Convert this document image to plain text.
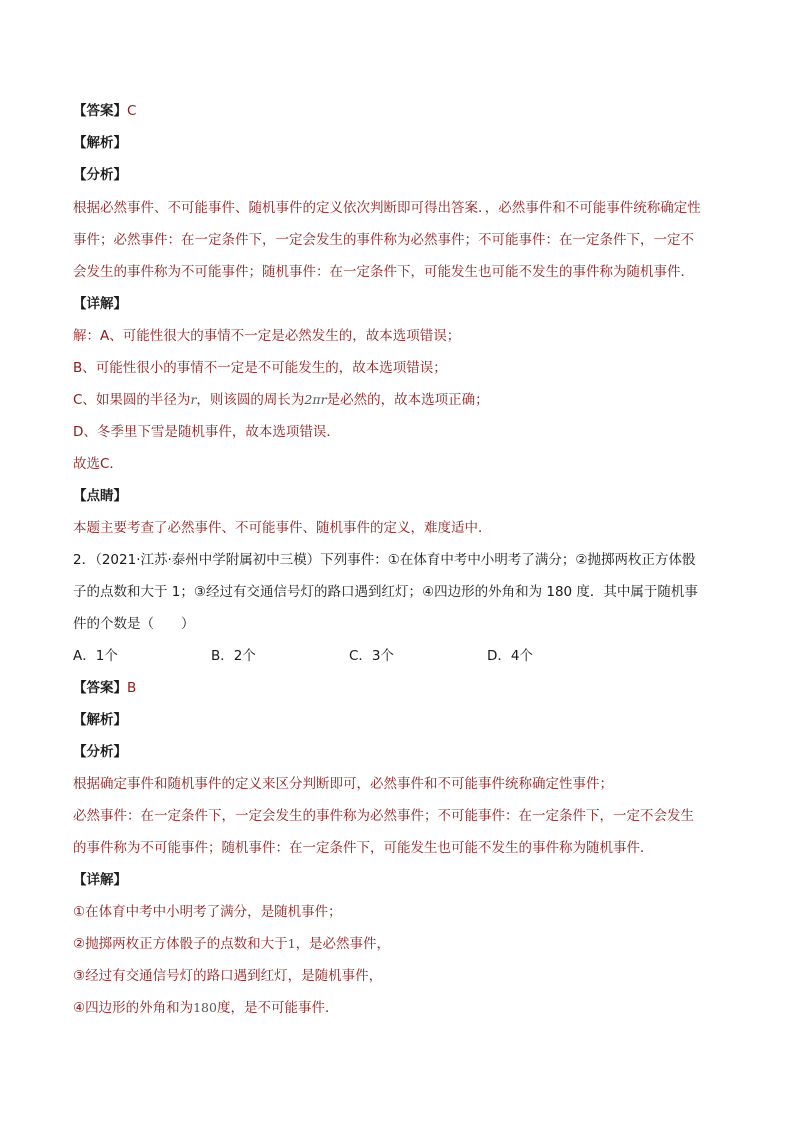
【答案】C
【解析】
【分析】
根据必然事件、不可能事件、随机事件的定义依次判断即可得出答案．，必然事件和不可能事件统称确定性
事件；必然事件：在一定条件下，一定会发生的事件称为必然事件；不可能事件：在一定条件下，一定不
会发生的事件称为不可能事件；随机事件：在一定条件下，可能发生也可能不发生的事件称为随机事件．
【详解】
解：A、可能性很大的事情不一定是必然发生的，故本选项错误；
B、可能性很小的事情不一定是不可能发生的，故本选项错误；
C、如果圆的半径为r，则该圆的周长为2πr是必然的，故本选项正确；
D、冬季里下雪是随机事件，故本选项错误．
故选C．
【点睛】
本题主要考查了必然事件、不可能事件、随机事件的定义，难度适中．
2．（2021·江苏·泰州中学附属初中三模）下列事件：①在体育中考中小明考了满分；②抛掷两枚正方体骰
子的点数和大于 1；③经过有交通信号灯的路口遇到红灯；④四边形的外角和为 180 度．其中属于随机事
件的个数是（　　）
A．1个	B．2个	C．3个	D．4个
【答案】B
【解析】
【分析】
根据确定事件和随机事件的定义来区分判断即可，必然事件和不可能事件统称确定性事件；
必然事件：在一定条件下，一定会发生的事件称为必然事件；不可能事件：在一定条件下，一定不会发生
的事件称为不可能事件；随机事件：在一定条件下，可能发生也可能不发生的事件称为随机事件．
【详解】
①在体育中考中小明考了满分，是随机事件；
②抛掷两枚正方体骰子的点数和大于1，是必然事件，
③经过有交通信号灯的路口遇到红灯，是随机事件，
④四边形的外角和为180度，是不可能事件．
